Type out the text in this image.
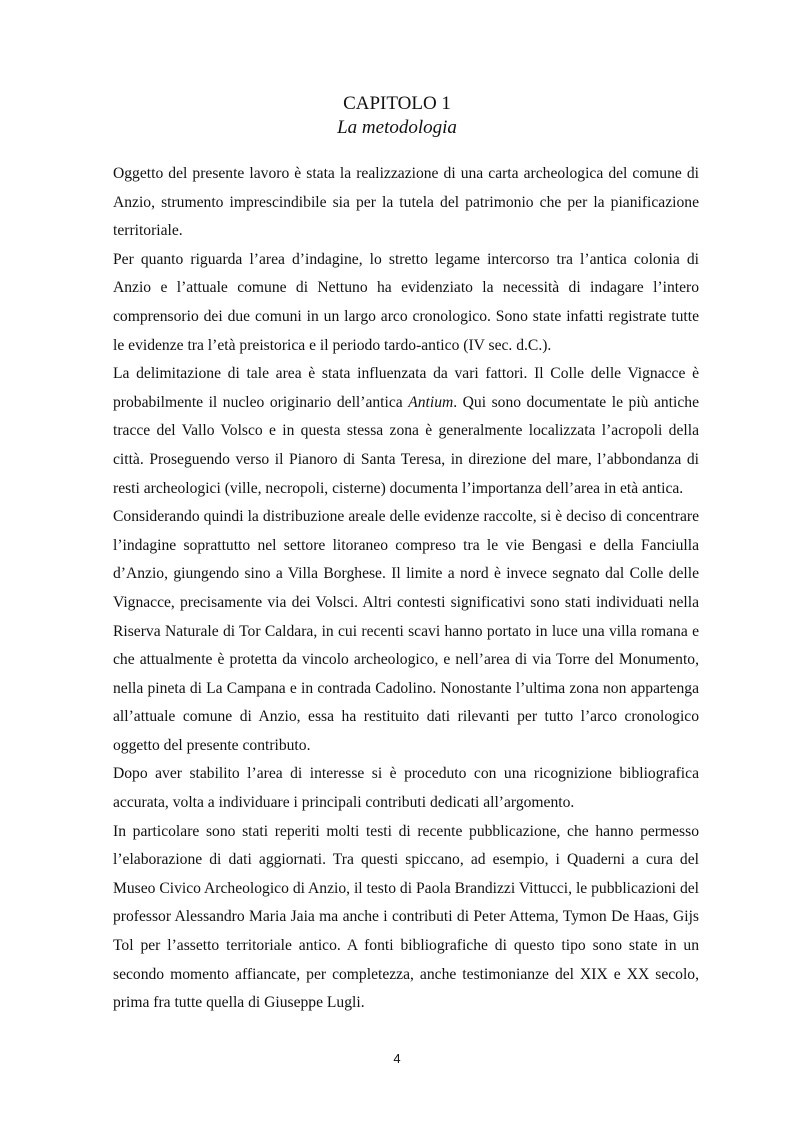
CAPITOLO 1
La metodologia

Oggetto del presente lavoro è stata la realizzazione di una carta archeologica del comune di Anzio, strumento imprescindibile sia per la tutela del patrimonio che per la pianificazione territoriale.

Per quanto riguarda l’area d’indagine, lo stretto legame intercorso tra l’antica colonia di Anzio e l’attuale comune di Nettuno ha evidenziato la necessità di indagare l’intero comprensorio dei due comuni in un largo arco cronologico. Sono state infatti registrate tutte le evidenze tra l’età preistorica e il periodo tardo-antico (IV sec. d.C.).

La delimitazione di tale area è stata influenzata da vari fattori. Il Colle delle Vignacce è probabilmente il nucleo originario dell’antica Antium. Qui sono documentate le più antiche tracce del Vallo Volsco e in questa stessa zona è generalmente localizzata l’acropoli della città. Proseguendo verso il Pianoro di Santa Teresa, in direzione del mare, l’abbondanza di resti archeologici (ville, necropoli, cisterne) documenta l’importanza dell’area in età antica.

Considerando quindi la distribuzione areale delle evidenze raccolte, si è deciso di concentrare l’indagine soprattutto nel settore litoraneo compreso tra le vie Bengasi e della Fanciulla d’Anzio, giungendo sino a Villa Borghese. Il limite a nord è invece segnato dal Colle delle Vignacce, precisamente via dei Volsci. Altri contesti significativi sono stati individuati nella Riserva Naturale di Tor Caldara, in cui recenti scavi hanno portato in luce una villa romana e che attualmente è protetta da vincolo archeologico, e nell’area di via Torre del Monumento, nella pineta di La Campana e in contrada Cadolino. Nonostante l’ultima zona non appartenga all’attuale comune di Anzio, essa ha restituito dati rilevanti per tutto l’arco cronologico oggetto del presente contributo.

Dopo aver stabilito l’area di interesse si è proceduto con una ricognizione bibliografica accurata, volta a individuare i principali contributi dedicati all’argomento.

In particolare sono stati reperiti molti testi di recente pubblicazione, che hanno permesso l’elaborazione di dati aggiornati. Tra questi spiccano, ad esempio, i Quaderni a cura del Museo Civico Archeologico di Anzio, il testo di Paola Brandizzi Vittucci, le pubblicazioni del professor Alessandro Maria Jaia ma anche i contributi di Peter Attema, Tymon De Haas, Gijs Tol per l’assetto territoriale antico. A fonti bibliografiche di questo tipo sono state in un secondo momento affiancate, per completezza, anche testimonianze del XIX e XX secolo, prima fra tutte quella di Giuseppe Lugli.

4
